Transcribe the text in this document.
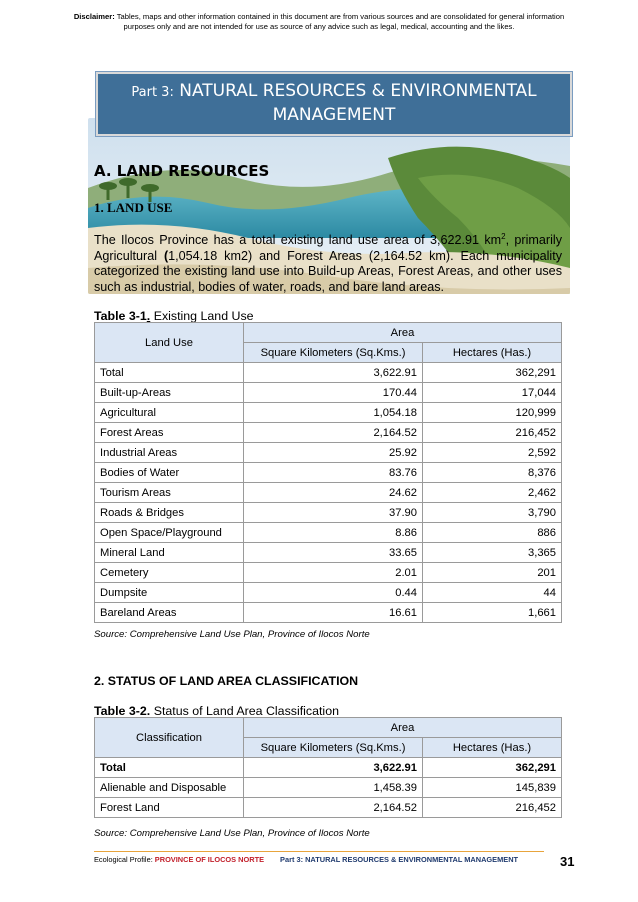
Disclaimer: Tables, maps and other information contained in this document are from various sources and are consolidated for general information purposes only and are not intended for use as source of any advice such as legal, medical, accounting and the likes.
Part 3: NATURAL RESOURCES & ENVIRONMENTAL
MANAGEMENT
A. LAND RESOURCES
1. LAND USE
The Ilocos Province has a total existing land use area of 3,622.91 $km^2$, primarily Agricultural (1,054.18 km2) and Forest Areas (2,164.52 km). Each municipality categorized the existing land use into Build-up Areas, Forest Areas, and other uses such as industrial, bodies of water, roads, and bare land areas.
Table 3-1. Existing Land Use
Land Use	Area	
	Square Kilometers (Sq.Kms.)	Hectares (Has.)
Total	3,622.91	362,291
Built-up-Areas	170.44	17,044
Agricultural	1,054.18	120,999
Forest Areas	2,164.52	216,452
Industrial Areas	25.92	2,592
Bodies of Water	83.76	8,376
Tourism Areas	24.62	2,462
Roads & Bridges	37.90	3,790
Open Space/Playground	8.86	886
Mineral Land	33.65	3,365
Cemetery	2.01	201
Dumpsite	0.44	44
Bareland Areas	16.61	1,661
Source: Comprehensive Land Use Plan, Province of Ilocos Norte
2. STATUS OF LAND AREA CLASSIFICATION
Table 3-2. Status of Land Area Classification
Classification	Area	
	Square Kilometers (Sq.Kms.)	Hectares (Has.)
Total	3,622.91	362,291
Alienable and Disposable	1,458.39	145,839
Forest Land	2,164.52	216,452
Source: Comprehensive Land Use Plan, Province of Ilocos Norte
Ecological Profile: PROVINCE OF ILOCOS NORTE Part 3: NATURAL RESOURCES & ENVIRONMENTAL MANAGEMENT	31
